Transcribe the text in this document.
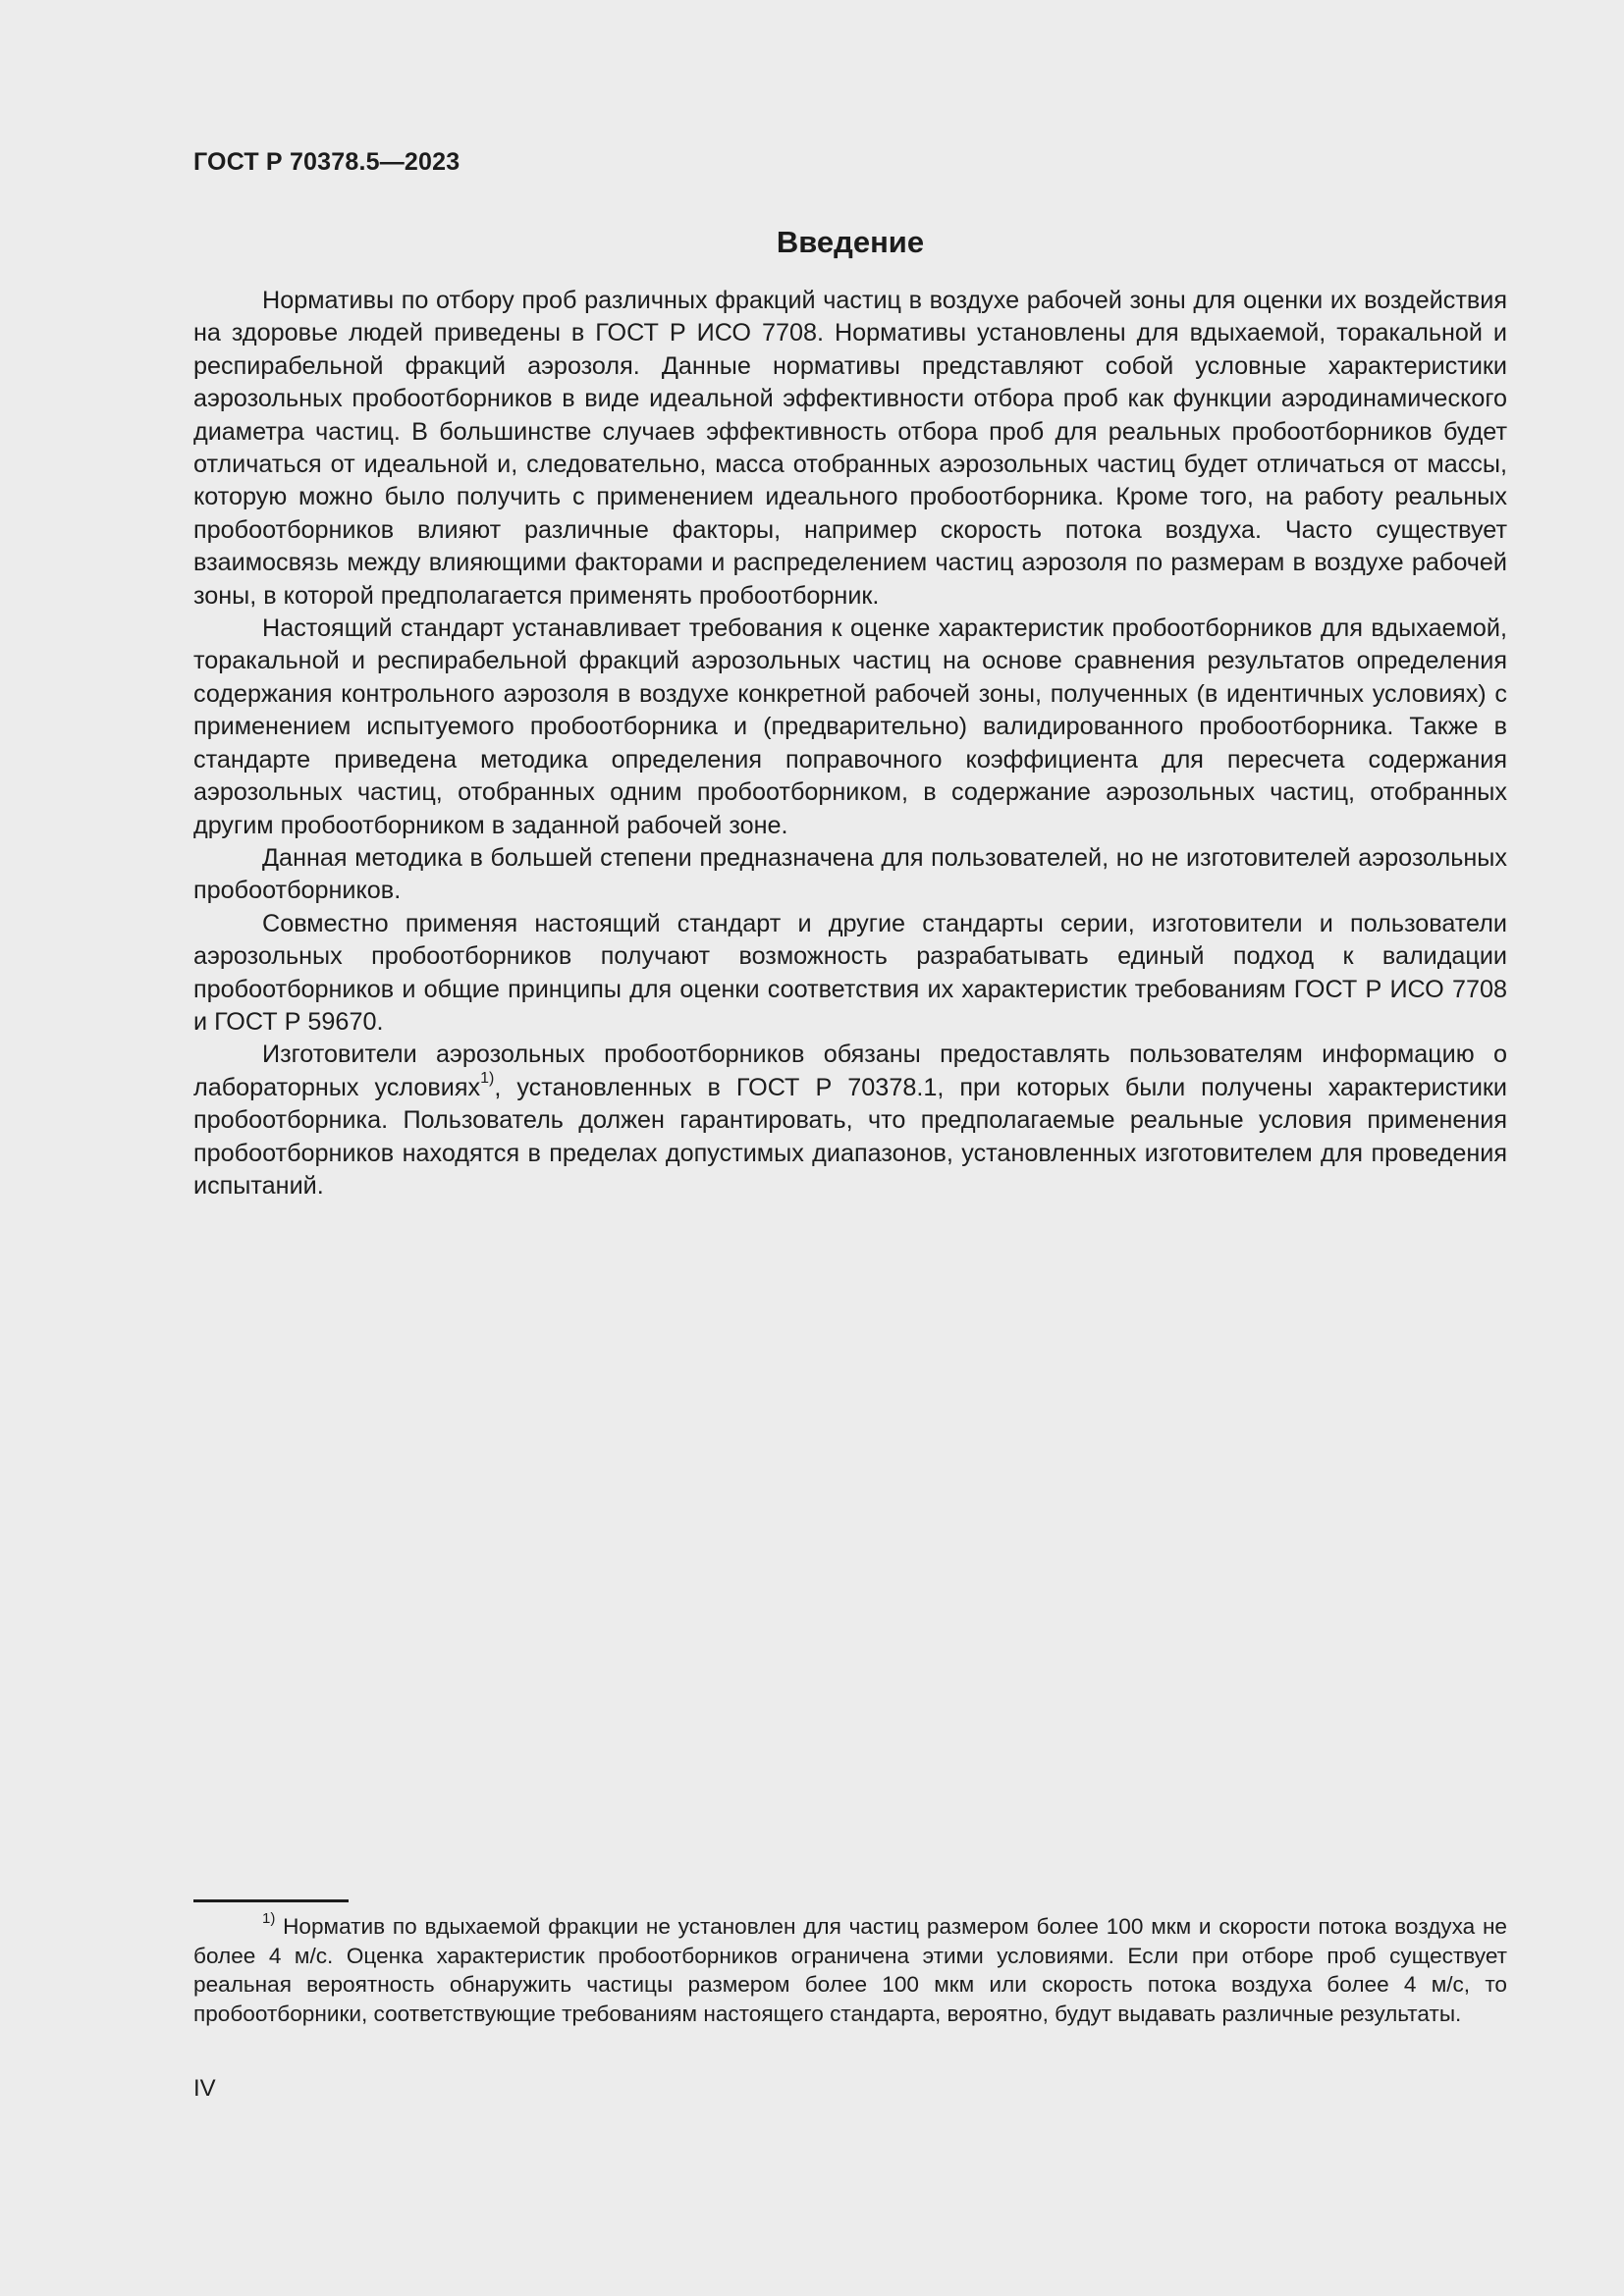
ГОСТ Р 70378.5—2023
Введение

Нормативы по отбору проб различных фракций частиц в воздухе рабочей зоны для оценки их воздействия на здоровье людей приведены в ГОСТ Р ИСО 7708. Нормативы установлены для вдыхаемой, торакальной и респирабельной фракций аэрозоля. Данные нормативы представляют собой условные характеристики аэрозольных пробоотборников в виде идеальной эффективности отбора проб как функции аэродинамического диаметра частиц. В большинстве случаев эффективность отбора проб для реальных пробоотборников будет отличаться от идеальной и, следовательно, масса отобранных аэрозольных частиц будет отличаться от массы, которую можно было получить с применением идеального пробоотборника. Кроме того, на работу реальных пробоотборников влияют различные факторы, например скорость потока воздуха. Часто существует взаимосвязь между влияющими факторами и распределением частиц аэрозоля по размерам в воздухе рабочей зоны, в которой предполагается применять пробоотборник.

Настоящий стандарт устанавливает требования к оценке характеристик пробоотборников для вдыхаемой, торакальной и респирабельной фракций аэрозольных частиц на основе сравнения результатов определения содержания контрольного аэрозоля в воздухе конкретной рабочей зоны, полученных (в идентичных условиях) с применением испытуемого пробоотборника и (предварительно) валидированного пробоотборника. Также в стандарте приведена методика определения поправочного коэффициента для пересчета содержания аэрозольных частиц, отобранных одним пробоотборником, в содержание аэрозольных частиц, отобранных другим пробоотборником в заданной рабочей зоне.

Данная методика в большей степени предназначена для пользователей, но не изготовителей аэрозольных пробоотборников.

Совместно применяя настоящий стандарт и другие стандарты серии, изготовители и пользователи аэрозольных пробоотборников получают возможность разрабатывать единый подход к валидации пробоотборников и общие принципы для оценки соответствия их характеристик требованиям ГОСТ Р ИСО 7708 и ГОСТ Р 59670.

Изготовители аэрозольных пробоотборников обязаны предоставлять пользователям информацию о лабораторных условиях$^{1)}$, установленных в ГОСТ Р 70378.1, при которых были получены характеристики пробоотборника. Пользователь должен гарантировать, что предполагаемые реальные условия применения пробоотборников находятся в пределах допустимых диапазонов, установленных изготовителем для проведения испытаний.

$^{1)}$ Норматив по вдыхаемой фракции не установлен для частиц размером более 100 мкм и скорости потока воздуха не более 4 м/с. Оценка характеристик пробоотборников ограничена этими условиями. Если при отборе проб существует реальная вероятность обнаружить частицы размером более 100 мкм или скорость потока воздуха более 4 м/с, то пробоотборники, соответствующие требованиям настоящего стандарта, вероятно, будут выдавать различные результаты.
IV
